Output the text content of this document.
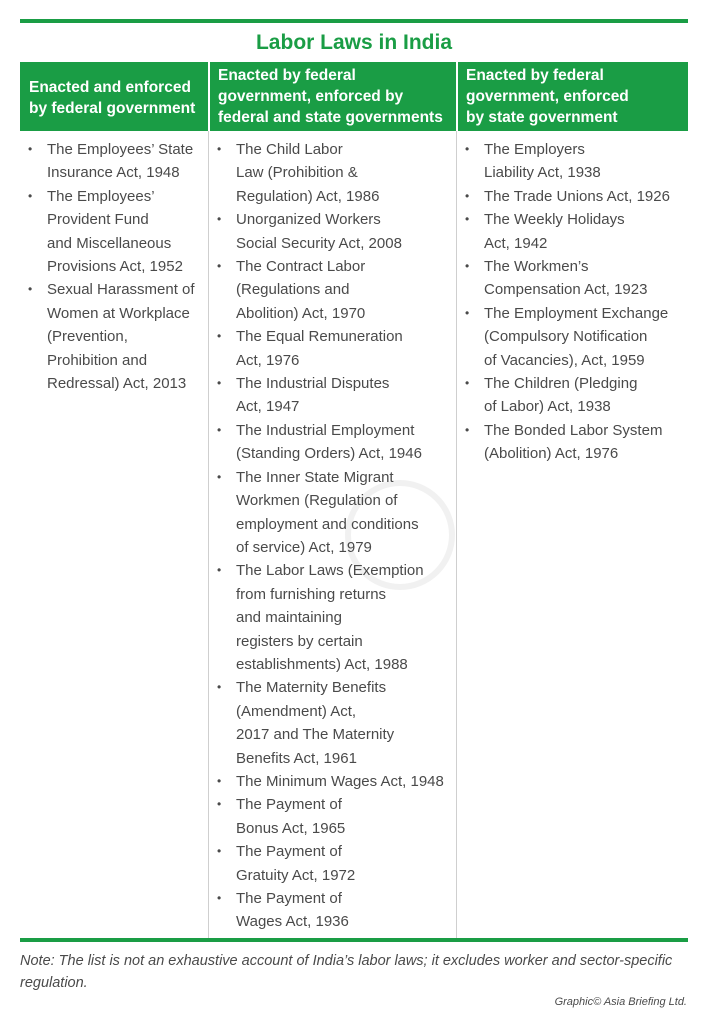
Labor Laws in India
Enacted and enforced
by federal government
Enacted by federal
government, enforced by
federal and state governments
Enacted by federal
government, enforced
by state government
• The Employees’ State
Insurance Act, 1948
• The Employees’
Provident Fund
and Miscellaneous
Provisions Act, 1952
• Sexual Harassment of
Women at Workplace
(Prevention,
Prohibition and
Redressal) Act, 2013
• The Child Labor
Law (Prohibition &
Regulation) Act, 1986
• Unorganized Workers
Social Security Act, 2008
• The Contract Labor
(Regulations and
Abolition) Act, 1970
• The Equal Remuneration
Act, 1976
• The Industrial Disputes
Act, 1947
• The Industrial Employment
(Standing Orders) Act, 1946
• The Inner State Migrant
Workmen (Regulation of
employment and conditions
of service) Act, 1979
• The Labor Laws (Exemption
from furnishing returns
and maintaining
registers by certain
establishments) Act, 1988
• The Maternity Benefits
(Amendment) Act,
2017 and The Maternity
Benefits Act, 1961
• The Minimum Wages Act, 1948
• The Payment of
Bonus Act, 1965
• The Payment of
Gratuity Act, 1972
• The Payment of
Wages Act, 1936
• The Employers
Liability Act, 1938
• The Trade Unions Act, 1926
• The Weekly Holidays
Act, 1942
• The Workmen’s
Compensation Act, 1923
• The Employment Exchange
(Compulsory Notification
of Vacancies), Act, 1959
• The Children (Pledging
of Labor) Act, 1938
• The Bonded Labor System
(Abolition) Act, 1976
Note: The list is not an exhaustive account of India’s labor laws; it excludes worker and sector-specific regulation.
Graphic© Asia Briefing Ltd.
